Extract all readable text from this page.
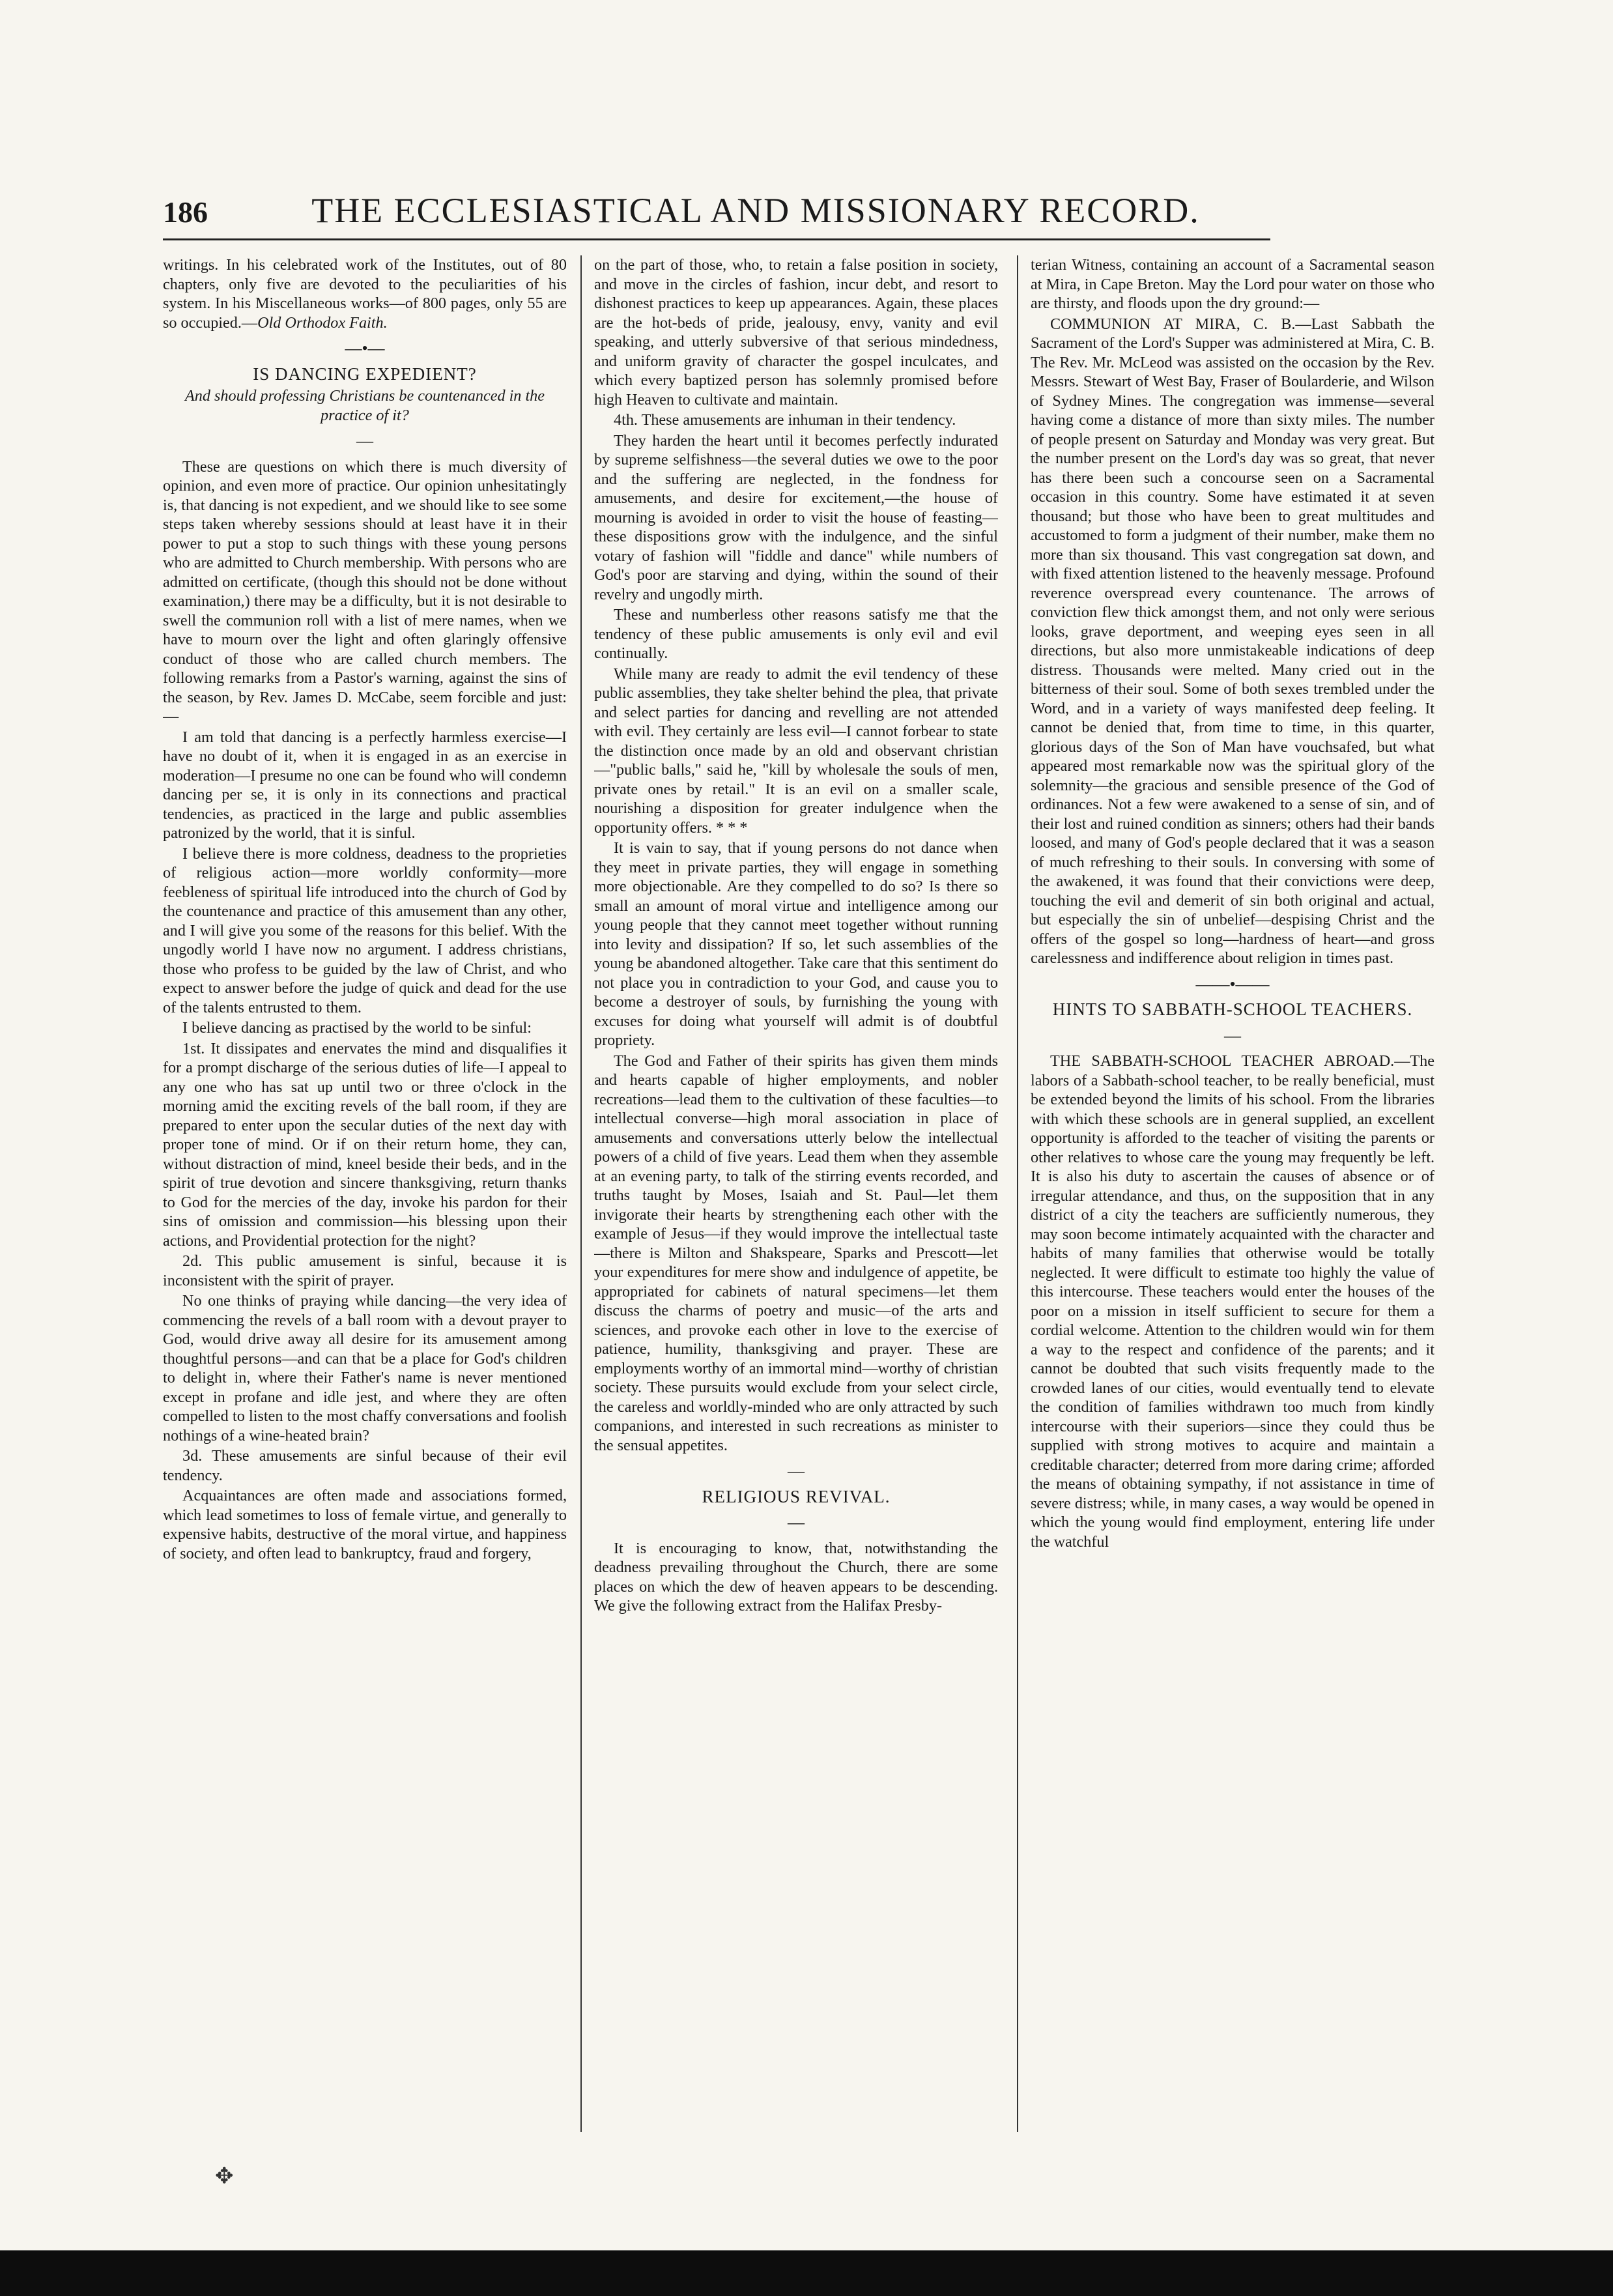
186	THE ECCLESIASTICAL AND MISSIONARY RECORD.

writings. In his celebrated work of the Institutes, out of 80 chapters, only five are devoted to the peculiarities of his system. In his Miscellaneous works—of 800 pages, only 55 are so occupied.—Old Orthodox Faith.

—•—
IS DANCING EXPEDIENT?

And should professing Christians be countenanced in the practice of it?

—

These are questions on which there is much diversity of opinion, and even more of practice. Our opinion unhesitatingly is, that dancing is not expedient, and we should like to see some steps taken whereby sessions should at least have it in their power to put a stop to such things with these young persons who are admitted to Church membership. With persons who are admitted on certificate, (though this should not be done without examination,) there may be a difficulty, but it is not desirable to swell the communion roll with a list of mere names, when we have to mourn over the light and often glaringly offensive conduct of those who are called church members. The following remarks from a Pastor's warning, against the sins of the season, by Rev. James D. McCabe, seem forcible and just:—

I am told that dancing is a perfectly harmless exercise—I have no doubt of it, when it is engaged in as an exercise in moderation—I presume no one can be found who will condemn dancing per se, it is only in its connections and practical tendencies, as practiced in the large and public assemblies patronized by the world, that it is sinful.

I believe there is more coldness, deadness to the proprieties of religious action—more worldly conformity—more feebleness of spiritual life introduced into the church of God by the countenance and practice of this amusement than any other, and I will give you some of the reasons for this belief. With the ungodly world I have now no argument. I address christians, those who profess to be guided by the law of Christ, and who expect to answer before the judge of quick and dead for the use of the talents entrusted to them.

I believe dancing as practised by the world to be sinful:

1st. It dissipates and enervates the mind and disqualifies it for a prompt discharge of the serious duties of life—I appeal to any one who has sat up until two or three o'clock in the morning amid the exciting revels of the ball room, if they are prepared to enter upon the secular duties of the next day with proper tone of mind. Or if on their return home, they can, without distraction of mind, kneel beside their beds, and in the spirit of true devotion and sincere thanksgiving, return thanks to God for the mercies of the day, invoke his pardon for their sins of omission and commission—his blessing upon their actions, and Providential protection for the night?

2d. This public amusement is sinful, because it is inconsistent with the spirit of prayer.

No one thinks of praying while dancing—the very idea of commencing the revels of a ball room with a devout prayer to God, would drive away all desire for its amusement among thoughtful persons—and can that be a place for God's children to delight in, where their Father's name is never mentioned except in profane and idle jest, and where they are often compelled to listen to the most chaffy conversations and foolish nothings of a wine-heated brain?

3d. These amusements are sinful because of their evil tendency.

Acquaintances are often made and associations formed, which lead sometimes to loss of female virtue, and generally to expensive habits, destructive of the moral virtue, and happiness of society, and often lead to bankruptcy, fraud and forgery,

on the part of those, who, to retain a false position in society, and move in the circles of fashion, incur debt, and resort to dishonest practices to keep up appearances. Again, these places are the hot-beds of pride, jealousy, envy, vanity and evil speaking, and utterly subversive of that serious mindedness, and uniform gravity of character the gospel inculcates, and which every baptized person has solemnly promised before high Heaven to cultivate and maintain.

4th. These amusements are inhuman in their tendency.

They harden the heart until it becomes perfectly indurated by supreme selfishness—the several duties we owe to the poor and the suffering are neglected, in the fondness for amusements, and desire for excitement,—the house of mourning is avoided in order to visit the house of feasting—these dispositions grow with the indulgence, and the sinful votary of fashion will "fiddle and dance" while numbers of God's poor are starving and dying, within the sound of their revelry and ungodly mirth.

These and numberless other reasons satisfy me that the tendency of these public amusements is only evil and evil continually.

While many are ready to admit the evil tendency of these public assemblies, they take shelter behind the plea, that private and select parties for dancing and revelling are not attended with evil. They certainly are less evil—I cannot forbear to state the distinction once made by an old and observant christian—"public balls," said he, "kill by wholesale the souls of men, private ones by retail." It is an evil on a smaller scale, nourishing a disposition for greater indulgence when the opportunity offers. * * *

It is vain to say, that if young persons do not dance when they meet in private parties, they will engage in something more objectionable. Are they compelled to do so? Is there so small an amount of moral virtue and intelligence among our young people that they cannot meet together without running into levity and dissipation? If so, let such assemblies of the young be abandoned altogether. Take care that this sentiment do not place you in contradiction to your God, and cause you to become a destroyer of souls, by furnishing the young with excuses for doing what yourself will admit is of doubtful propriety.

The God and Father of their spirits has given them minds and hearts capable of higher employments, and nobler recreations—lead them to the cultivation of these faculties—to intellectual converse—high moral association in place of amusements and conversations utterly below the intellectual powers of a child of five years. Lead them when they assemble at an evening party, to talk of the stirring events recorded, and truths taught by Moses, Isaiah and St. Paul—let them invigorate their hearts by strengthening each other with the example of Jesus—if they would improve the intellectual taste—there is Milton and Shakspeare, Sparks and Prescott—let your expenditures for mere show and indulgence of appetite, be appropriated for cabinets of natural specimens—let them discuss the charms of poetry and music—of the arts and sciences, and provoke each other in love to the exercise of patience, humility, thanksgiving and prayer. These are employments worthy of an immortal mind—worthy of christian society. These pursuits would exclude from your select circle, the careless and worldly-minded who are only attracted by such companions, and interested in such recreations as minister to the sensual appetites.

—
RELIGIOUS REVIVAL.
—

It is encouraging to know, that, notwithstanding the deadness prevailing throughout the Church, there are some places on which the dew of heaven appears to be descending. We give the following extract from the Halifax Presby-

terian Witness, containing an account of a Sacramental season at Mira, in Cape Breton. May the Lord pour water on those who are thirsty, and floods upon the dry ground:—

COMMUNION AT MIRA, C. B.—Last Sabbath the Sacrament of the Lord's Supper was administered at Mira, C. B. The Rev. Mr. McLeod was assisted on the occasion by the Rev. Messrs. Stewart of West Bay, Fraser of Boularderie, and Wilson of Sydney Mines. The congregation was immense—several having come a distance of more than sixty miles. The number of people present on Saturday and Monday was very great. But the number present on the Lord's day was so great, that never has there been such a concourse seen on a Sacramental occasion in this country. Some have estimated it at seven thousand; but those who have been to great multitudes and accustomed to form a judgment of their number, make them no more than six thousand. This vast congregation sat down, and with fixed attention listened to the heavenly message. Profound reverence overspread every countenance. The arrows of conviction flew thick amongst them, and not only were serious looks, grave deportment, and weeping eyes seen in all directions, but also more unmistakeable indications of deep distress. Thousands were melted. Many cried out in the bitterness of their soul. Some of both sexes trembled under the Word, and in a variety of ways manifested deep feeling. It cannot be denied that, from time to time, in this quarter, glorious days of the Son of Man have vouchsafed, but what appeared most remarkable now was the spiritual glory of the solemnity—the gracious and sensible presence of the God of ordinances. Not a few were awakened to a sense of sin, and of their lost and ruined condition as sinners; others had their bands loosed, and many of God's people declared that it was a season of much refreshing to their souls. In conversing with some of the awakened, it was found that their convictions were deep, touching the evil and demerit of sin both original and actual, but especially the sin of unbelief—despising Christ and the offers of the gospel so long—hardness of heart—and gross carelessness and indifference about religion in times past.

——•——
HINTS TO SABBATH-SCHOOL TEACHERS.
—

THE SABBATH-SCHOOL TEACHER ABROAD.—The labors of a Sabbath-school teacher, to be really beneficial, must be extended beyond the limits of his school. From the libraries with which these schools are in general supplied, an excellent opportunity is afforded to the teacher of visiting the parents or other relatives to whose care the young may frequently be left. It is also his duty to ascertain the causes of absence or of irregular attendance, and thus, on the supposition that in any district of a city the teachers are sufficiently numerous, they may soon become intimately acquainted with the character and habits of many families that otherwise would be totally neglected. It were difficult to estimate too highly the value of this intercourse. These teachers would enter the houses of the poor on a mission in itself sufficient to secure for them a cordial welcome. Attention to the children would win for them a way to the respect and confidence of the parents; and it cannot be doubted that such visits frequently made to the crowded lanes of our cities, would eventually tend to elevate the condition of families withdrawn too much from kindly intercourse with their superiors—since they could thus be supplied with strong motives to acquire and maintain a creditable character; deterred from more daring crime; afforded the means of obtaining sympathy, if not assistance in time of severe distress; while, in many cases, a way would be opened in which the young would find employment, entering life under the watchful

✥
